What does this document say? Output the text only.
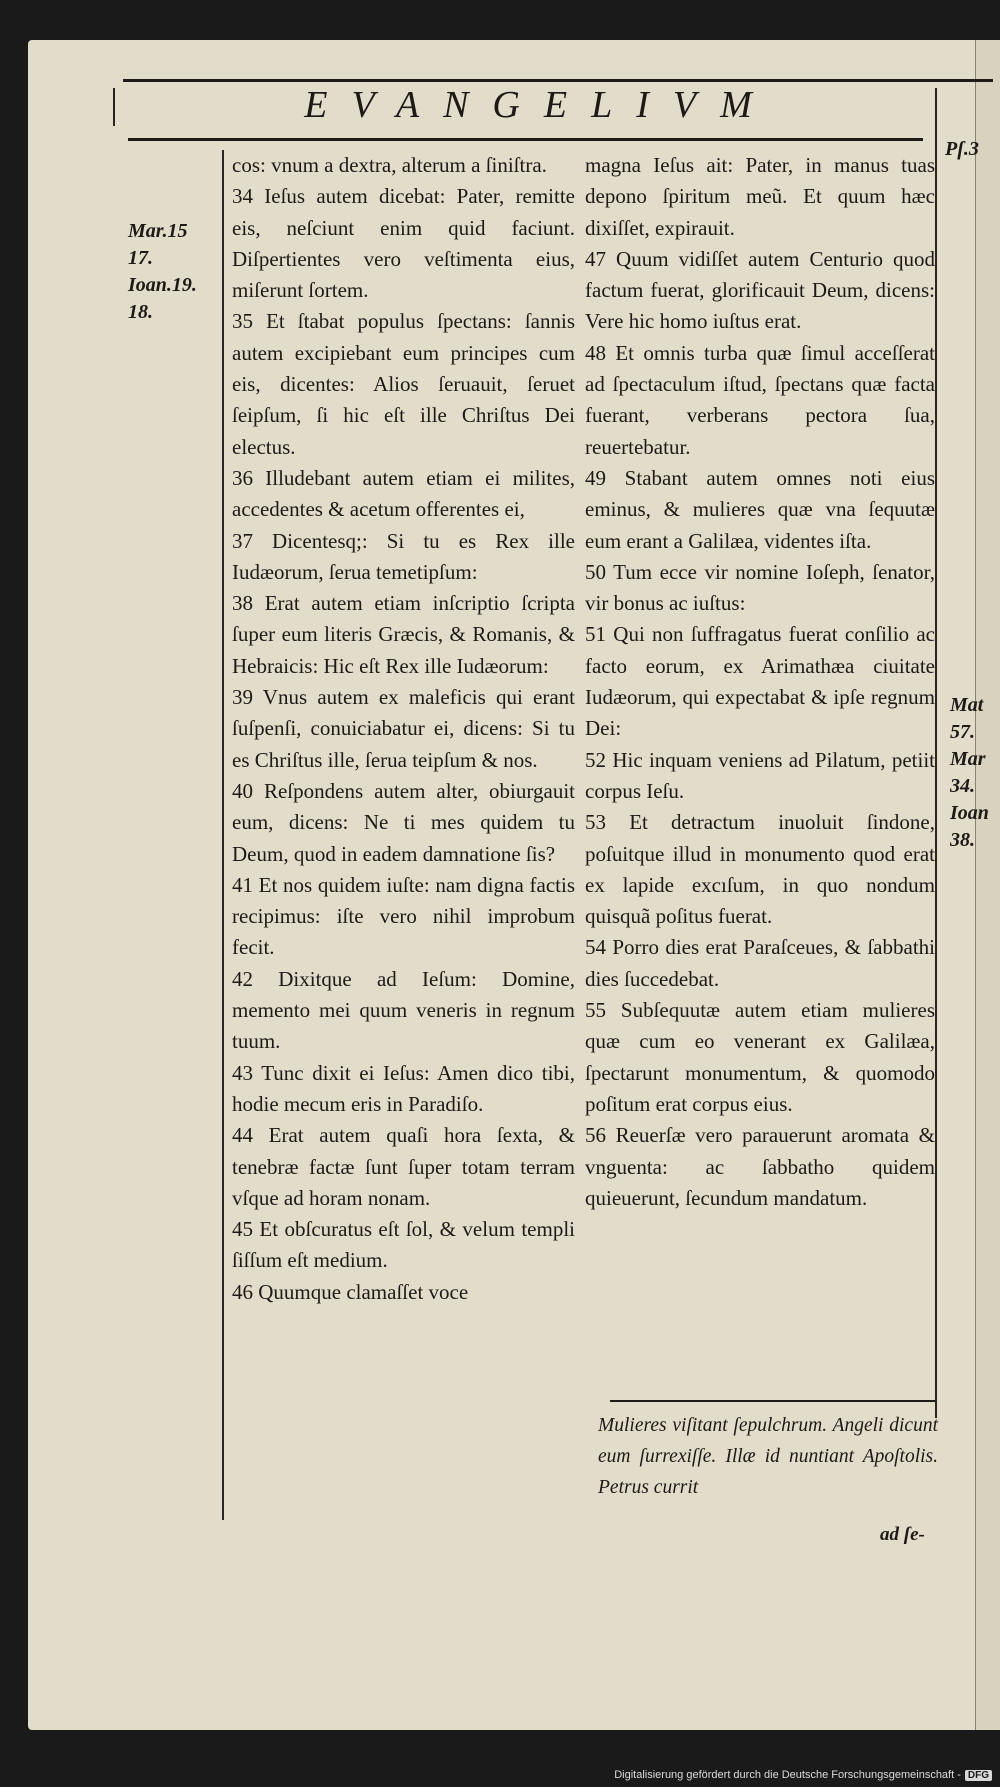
EVANGELIVM
Pſ.3
Mar.15
17.
Ioan.19.
18.
Mat
57.
Mar
34.
Ioan
38.

cos: vnum a dextra, alterum a ſiniſtra.

34 Ieſus autem dicebat: Pater, remitte eis, neſciunt enim quid faciunt. Diſpertientes vero veſtimenta eius, miſerunt ſortem.

35 Et ſtabat populus ſpectans: ſannis autem excipiebant eum principes cum eis, dicentes: Alios ſeruauit, ſeruet ſeipſum, ſi hic eſt ille Chriſtus Dei electus.

36 Illudebant autem etiam ei milites, accedentes & acetum offerentes ei,

37 Dicentesq;: Si tu es Rex ille Iudæorum, ſerua temetipſum:

38 Erat autem etiam inſcriptio ſcripta ſuper eum literis Græcis, & Romanis, & Hebraicis: Hic eſt Rex ille Iudæorum:

39 Vnus autem ex maleficis qui erant ſuſpenſi, conuiciabatur ei, dicens: Si tu es Chriſtus ille, ſerua teipſum & nos.

40 Reſpondens autem alter, obiurgauit eum, dicens: Ne ti mes quidem tu Deum, quod in eadem damnatione ſis?

41 Et nos quidem iuſte: nam digna factis recipimus: iſte vero nihil improbum fecit.

42 Dixitque ad Ieſum: Domine, memento mei quum veneris in regnum tuum.

43 Tunc dixit ei Ieſus: Amen dico tibi, hodie mecum eris in Paradiſo.

44 Erat autem quaſi hora ſexta, & tenebræ factæ ſunt ſuper totam terram vſque ad horam nonam.

45 Et obſcuratus eſt ſol, & velum templi ſiſſum eſt medium.

46 Quumque clamaſſet voce

magna Ieſus ait: Pater, in manus tuas depono ſpiritum meũ. Et quum hæc dixiſſet, expirauit.

47 Quum vidiſſet autem Centurio quod factum fuerat, glorificauit Deum, dicens: Vere hic homo iuſtus erat.

48 Et omnis turba quæ ſimul acceſſerat ad ſpectaculum iſtud, ſpectans quæ facta fuerant, verberans pectora ſua, reuertebatur.

49 Stabant autem omnes noti eius eminus, & mulieres quæ vna ſequutæ eum erant a Galilæa, videntes iſta.

50 Tum ecce vir nomine Ioſeph, ſenator, vir bonus ac iuſtus:

51 Qui non ſuffragatus fuerat conſilio ac facto eorum, ex Arimathæa ciuitate Iudæorum, qui expectabat & ipſe regnum Dei:

52 Hic inquam veniens ad Pilatum, petiit corpus Ieſu.

53 Et detractum inuoluit ſindone, poſuitque illud in monumento quod erat ex lapide excıſum, in quo nondum quisquã poſitus fuerat.

54 Porro dies erat Paraſceues, & ſabbathi dies ſuccedebat.

55 Subſequutæ autem etiam mulieres quæ cum eo venerant ex Galilæa, ſpectarunt monumentum, & quomodo poſitum erat corpus eius.

56 Reuerſæ vero parauerunt aromata & vnguenta: ac ſabbatho quidem quieuerunt, ſecundum mandatum.

Mulieres viſitant ſepulchrum. Angeli dicunt eum ſurrexiſſe. Illæ id nuntiant Apoſtolis. Petrus currit
ad ſe-
Digitalisierung gefördert durch die Deutsche Forschungsgemeinschaft - DFG
